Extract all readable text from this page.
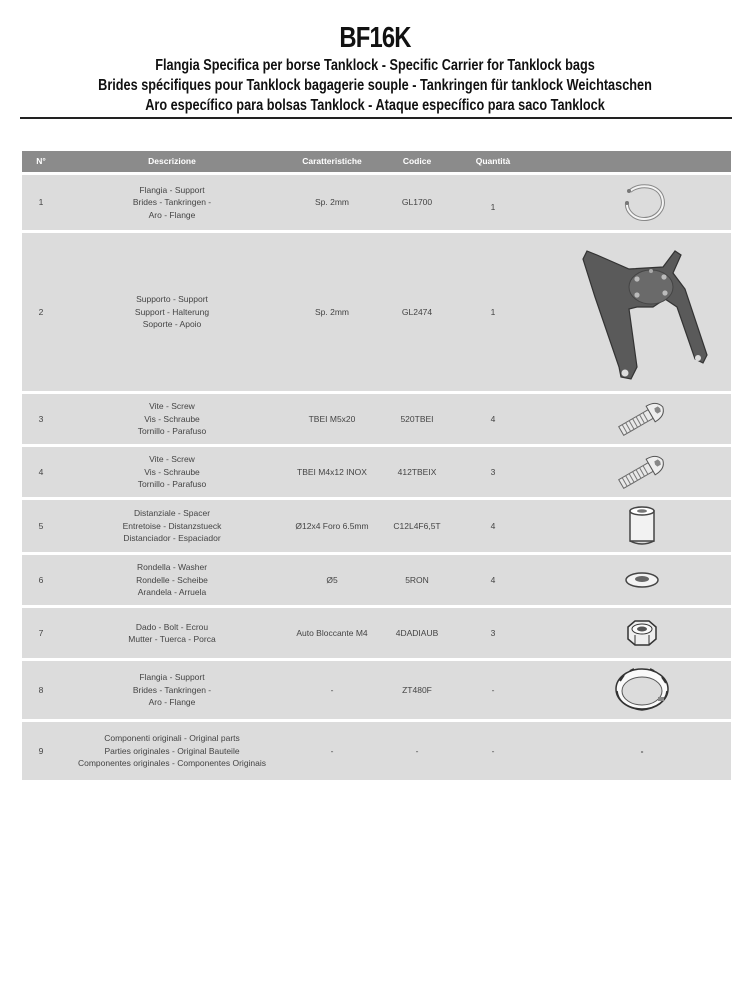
BF16K
Flangia Specifica per borse Tanklock - Specific Carrier for Tanklock bags
Brides spécifiques pour Tanklock bagagerie souple - Tankringen für tanklock Weichtaschen
Aro específico para bolsas Tanklock - Ataque específico para saco Tanklock
N°	Descrizione	Caratteristiche	Codice	Quantità
1
Flangia - Support
Brides - Tankringen -
Aro - Flange
Sp. 2mm	GL1700	1
2
Supporto - Support
Support - Halterung
Soporte - Apoio
Sp. 2mm	GL2474	1
3
Vite - Screw
Vis - Schraube
Tornillo - Parafuso
TBEI M5x20	520TBEI	4
4
Vite - Screw
Vis - Schraube
Tornillo - Parafuso
TBEI M4x12 INOX	412TBEIX	3
5
Distanziale - Spacer
Entretoise - Distanzstueck
Distanciador - Espaciador
Ø12x4 Foro 6.5mm	C12L4F6,5T	4
6
Rondella - Washer
Rondelle - Scheibe
Arandela - Arruela
Ø5	5RON	4
7
Dado - Bolt - Ecrou
Mutter - Tuerca - Porca
Auto Bloccante M4	4DADIAUB	3
8
Flangia - Support
Brides - Tankringen -
Aro - Flange
-	ZT480F	-
9
Componenti originali - Original parts
Parties originales - Original Bauteile
Componentes originales - Componentes Originais
-	-	-	-
